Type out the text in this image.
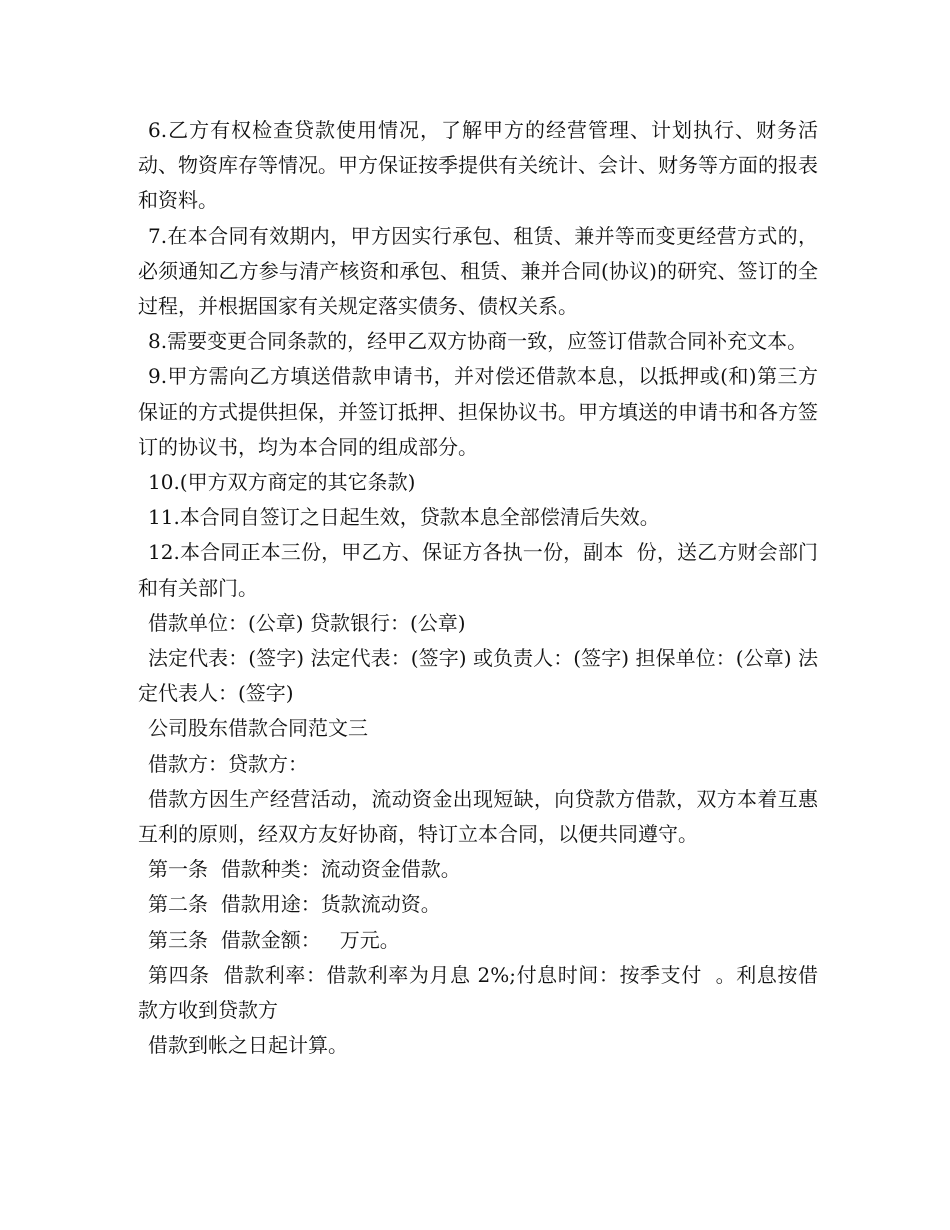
6.乙方有权检查贷款使用情况，了解甲方的经营管理、计划执行、财务活动、物资库存等情况。甲方保证按季提供有关统计、会计、财务等方面的报表和资料。

7.在本合同有效期内，甲方因实行承包、租赁、兼并等而变更经营方式的，必须通知乙方参与清产核资和承包、租赁、兼并合同(协议)的研究、签订的全过程，并根据国家有关规定落实债务、债权关系。

8.需要变更合同条款的，经甲乙双方协商一致，应签订借款合同补充文本。

9.甲方需向乙方填送借款申请书，并对偿还借款本息，以抵押或(和)第三方保证的方式提供担保，并签订抵押、担保协议书。甲方填送的申请书和各方签订的协议书，均为本合同的组成部分。

10.(甲方双方商定的其它条款)

11.本合同自签订之日起生效，贷款本息全部偿清后失效。

12.本合同正本三份，甲乙方、保证方各执一份，副本  份，送乙方财会部门和有关部门。

借款单位：(公章) 贷款银行：(公章)

法定代表：(签字) 法定代表：(签字) 或负责人：(签字) 担保单位：(公章) 法定代表人：(签字)

公司股东借款合同范文三

借款方：贷款方：

借款方因生产经营活动，流动资金出现短缺，向贷款方借款，双方本着互惠互利的原则，经双方友好协商，特订立本合同，以便共同遵守。

第一条  借款种类：流动资金借款。

第二条  借款用途：货款流动资。

第三条  借款金额：   万元。

第四条  借款利率：借款利率为月息 2%;付息时间：按季支付  。利息按借款方收到贷款方

借款到帐之日起计算。
